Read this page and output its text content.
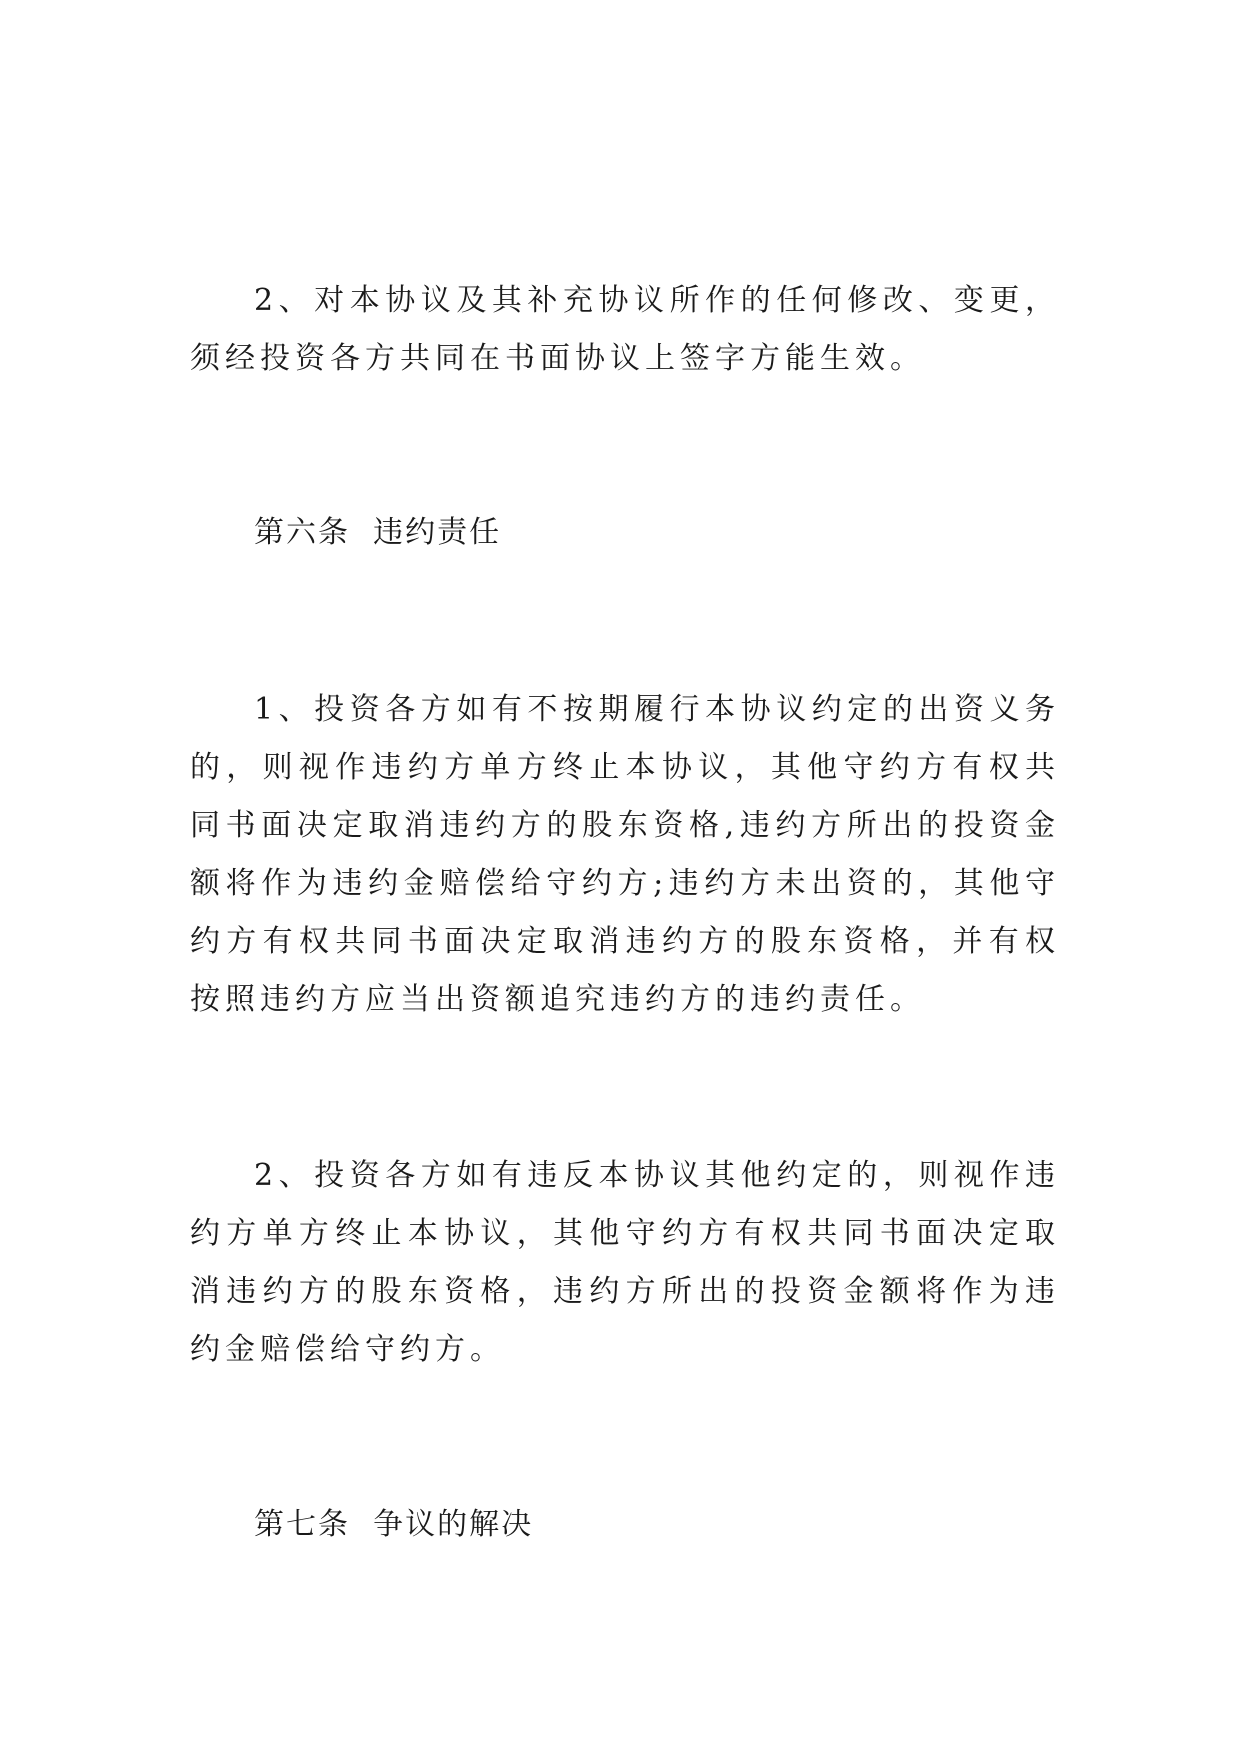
2、对本协议及其补充协议所作的任何修改、变更，须经投资各方共同在书面协议上签字方能生效。

第六条  违约责任

1、投资各方如有不按期履行本协议约定的出资义务的，则视作违约方单方终止本协议，其他守约方有权共同书面决定取消违约方的股东资格,违约方所出的投资金额将作为违约金赔偿给守约方;违约方未出资的，其他守约方有权共同书面决定取消违约方的股东资格，并有权按照违约方应当出资额追究违约方的违约责任。

2、投资各方如有违反本协议其他约定的，则视作违约方单方终止本协议，其他守约方有权共同书面决定取消违约方的股东资格，违约方所出的投资金额将作为违约金赔偿给守约方。

第七条  争议的解决
